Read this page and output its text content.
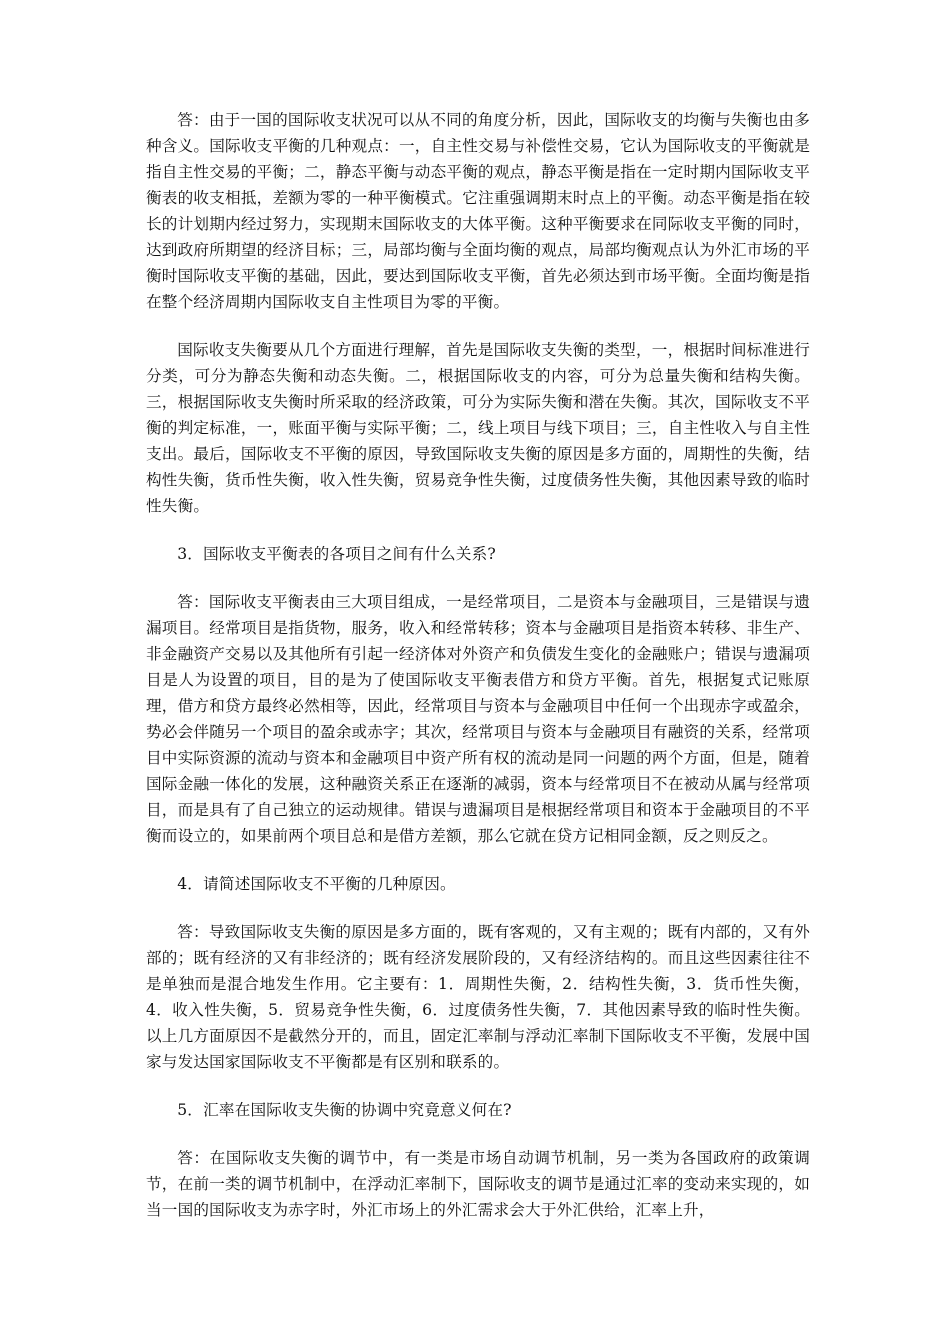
答：由于一国的国际收支状况可以从不同的角度分析，因此，国际收支的均衡与失衡也由多种含义。国际收支平衡的几种观点：一，自主性交易与补偿性交易，它认为国际收支的平衡就是指自主性交易的平衡；二，静态平衡与动态平衡的观点，静态平衡是指在一定时期内国际收支平衡表的收支相抵，差额为零的一种平衡模式。它注重强调期末时点上的平衡。动态平衡是指在较长的计划期内经过努力，实现期末国际收支的大体平衡。这种平衡要求在同际收支平衡的同时，达到政府所期望的经济目标；三，局部均衡与全面均衡的观点，局部均衡观点认为外汇市场的平衡时国际收支平衡的基础，因此，要达到国际收支平衡，首先必须达到市场平衡。全面均衡是指在整个经济周期内国际收支自主性项目为零的平衡。

国际收支失衡要从几个方面进行理解，首先是国际收支失衡的类型，一，根据时间标准进行分类，可分为静态失衡和动态失衡。二，根据国际收支的内容，可分为总量失衡和结构失衡。三，根据国际收支失衡时所采取的经济政策，可分为实际失衡和潜在失衡。其次，国际收支不平衡的判定标准，一，账面平衡与实际平衡；二，线上项目与线下项目；三，自主性收入与自主性支出。最后，国际收支不平衡的原因，导致国际收支失衡的原因是多方面的，周期性的失衡，结构性失衡，货币性失衡，收入性失衡，贸易竞争性失衡，过度债务性失衡，其他因素导致的临时性失衡。

3．国际收支平衡表的各项目之间有什么关系?

答：国际收支平衡表由三大项目组成，一是经常项目，二是资本与金融项目，三是错误与遗漏项目。经常项目是指货物，服务，收入和经常转移；资本与金融项目是指资本转移、非生产、非金融资产交易以及其他所有引起一经济体对外资产和负债发生变化的金融账户；错误与遗漏项目是人为设置的项目，目的是为了使国际收支平衡表借方和贷方平衡。首先，根据复式记账原理，借方和贷方最终必然相等，因此，经常项目与资本与金融项目中任何一个出现赤字或盈余，势必会伴随另一个项目的盈余或赤字；其次，经常项目与资本与金融项目有融资的关系，经常项目中实际资源的流动与资本和金融项目中资产所有权的流动是同一问题的两个方面，但是，随着国际金融一体化的发展，这种融资关系正在逐渐的减弱，资本与经常项目不在被动从属与经常项目，而是具有了自己独立的运动规律。错误与遗漏项目是根据经常项目和资本于金融项目的不平衡而设立的，如果前两个项目总和是借方差额，那么它就在贷方记相同金额，反之则反之。

4．请简述国际收支不平衡的几种原因。

答：导致国际收支失衡的原因是多方面的，既有客观的，又有主观的；既有内部的，又有外部的；既有经济的又有非经济的；既有经济发展阶段的，又有经济结构的。而且这些因素往往不是单独而是混合地发生作用。它主要有：1．周期性失衡，2．结构性失衡，3．货币性失衡，4．收入性失衡，5．贸易竞争性失衡，6．过度债务性失衡，7．其他因素导致的临时性失衡。以上几方面原因不是截然分开的，而且，固定汇率制与浮动汇率制下国际收支不平衡，发展中国家与发达国家国际收支不平衡都是有区别和联系的。

5．汇率在国际收支失衡的协调中究竟意义何在?

答：在国际收支失衡的调节中，有一类是市场自动调节机制，另一类为各国政府的政策调节，在前一类的调节机制中，在浮动汇率制下，国际收支的调节是通过汇率的变动来实现的，如当一国的国际收支为赤字时，外汇市场上的外汇需求会大于外汇供给，汇率上升，
